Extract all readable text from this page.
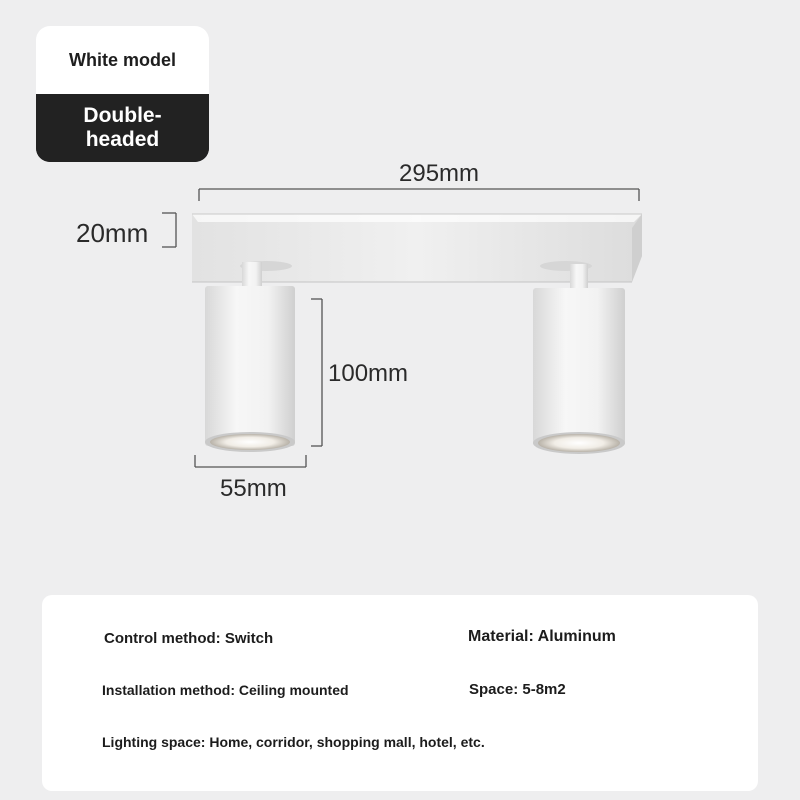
White model
Double-headed
295mm
20mm
100mm
55mm
Control method: Switch	Material: Aluminum
Installation method: Ceiling mounted	Space: 5-8m2
Lighting space: Home, corridor, shopping mall, hotel, etc.
